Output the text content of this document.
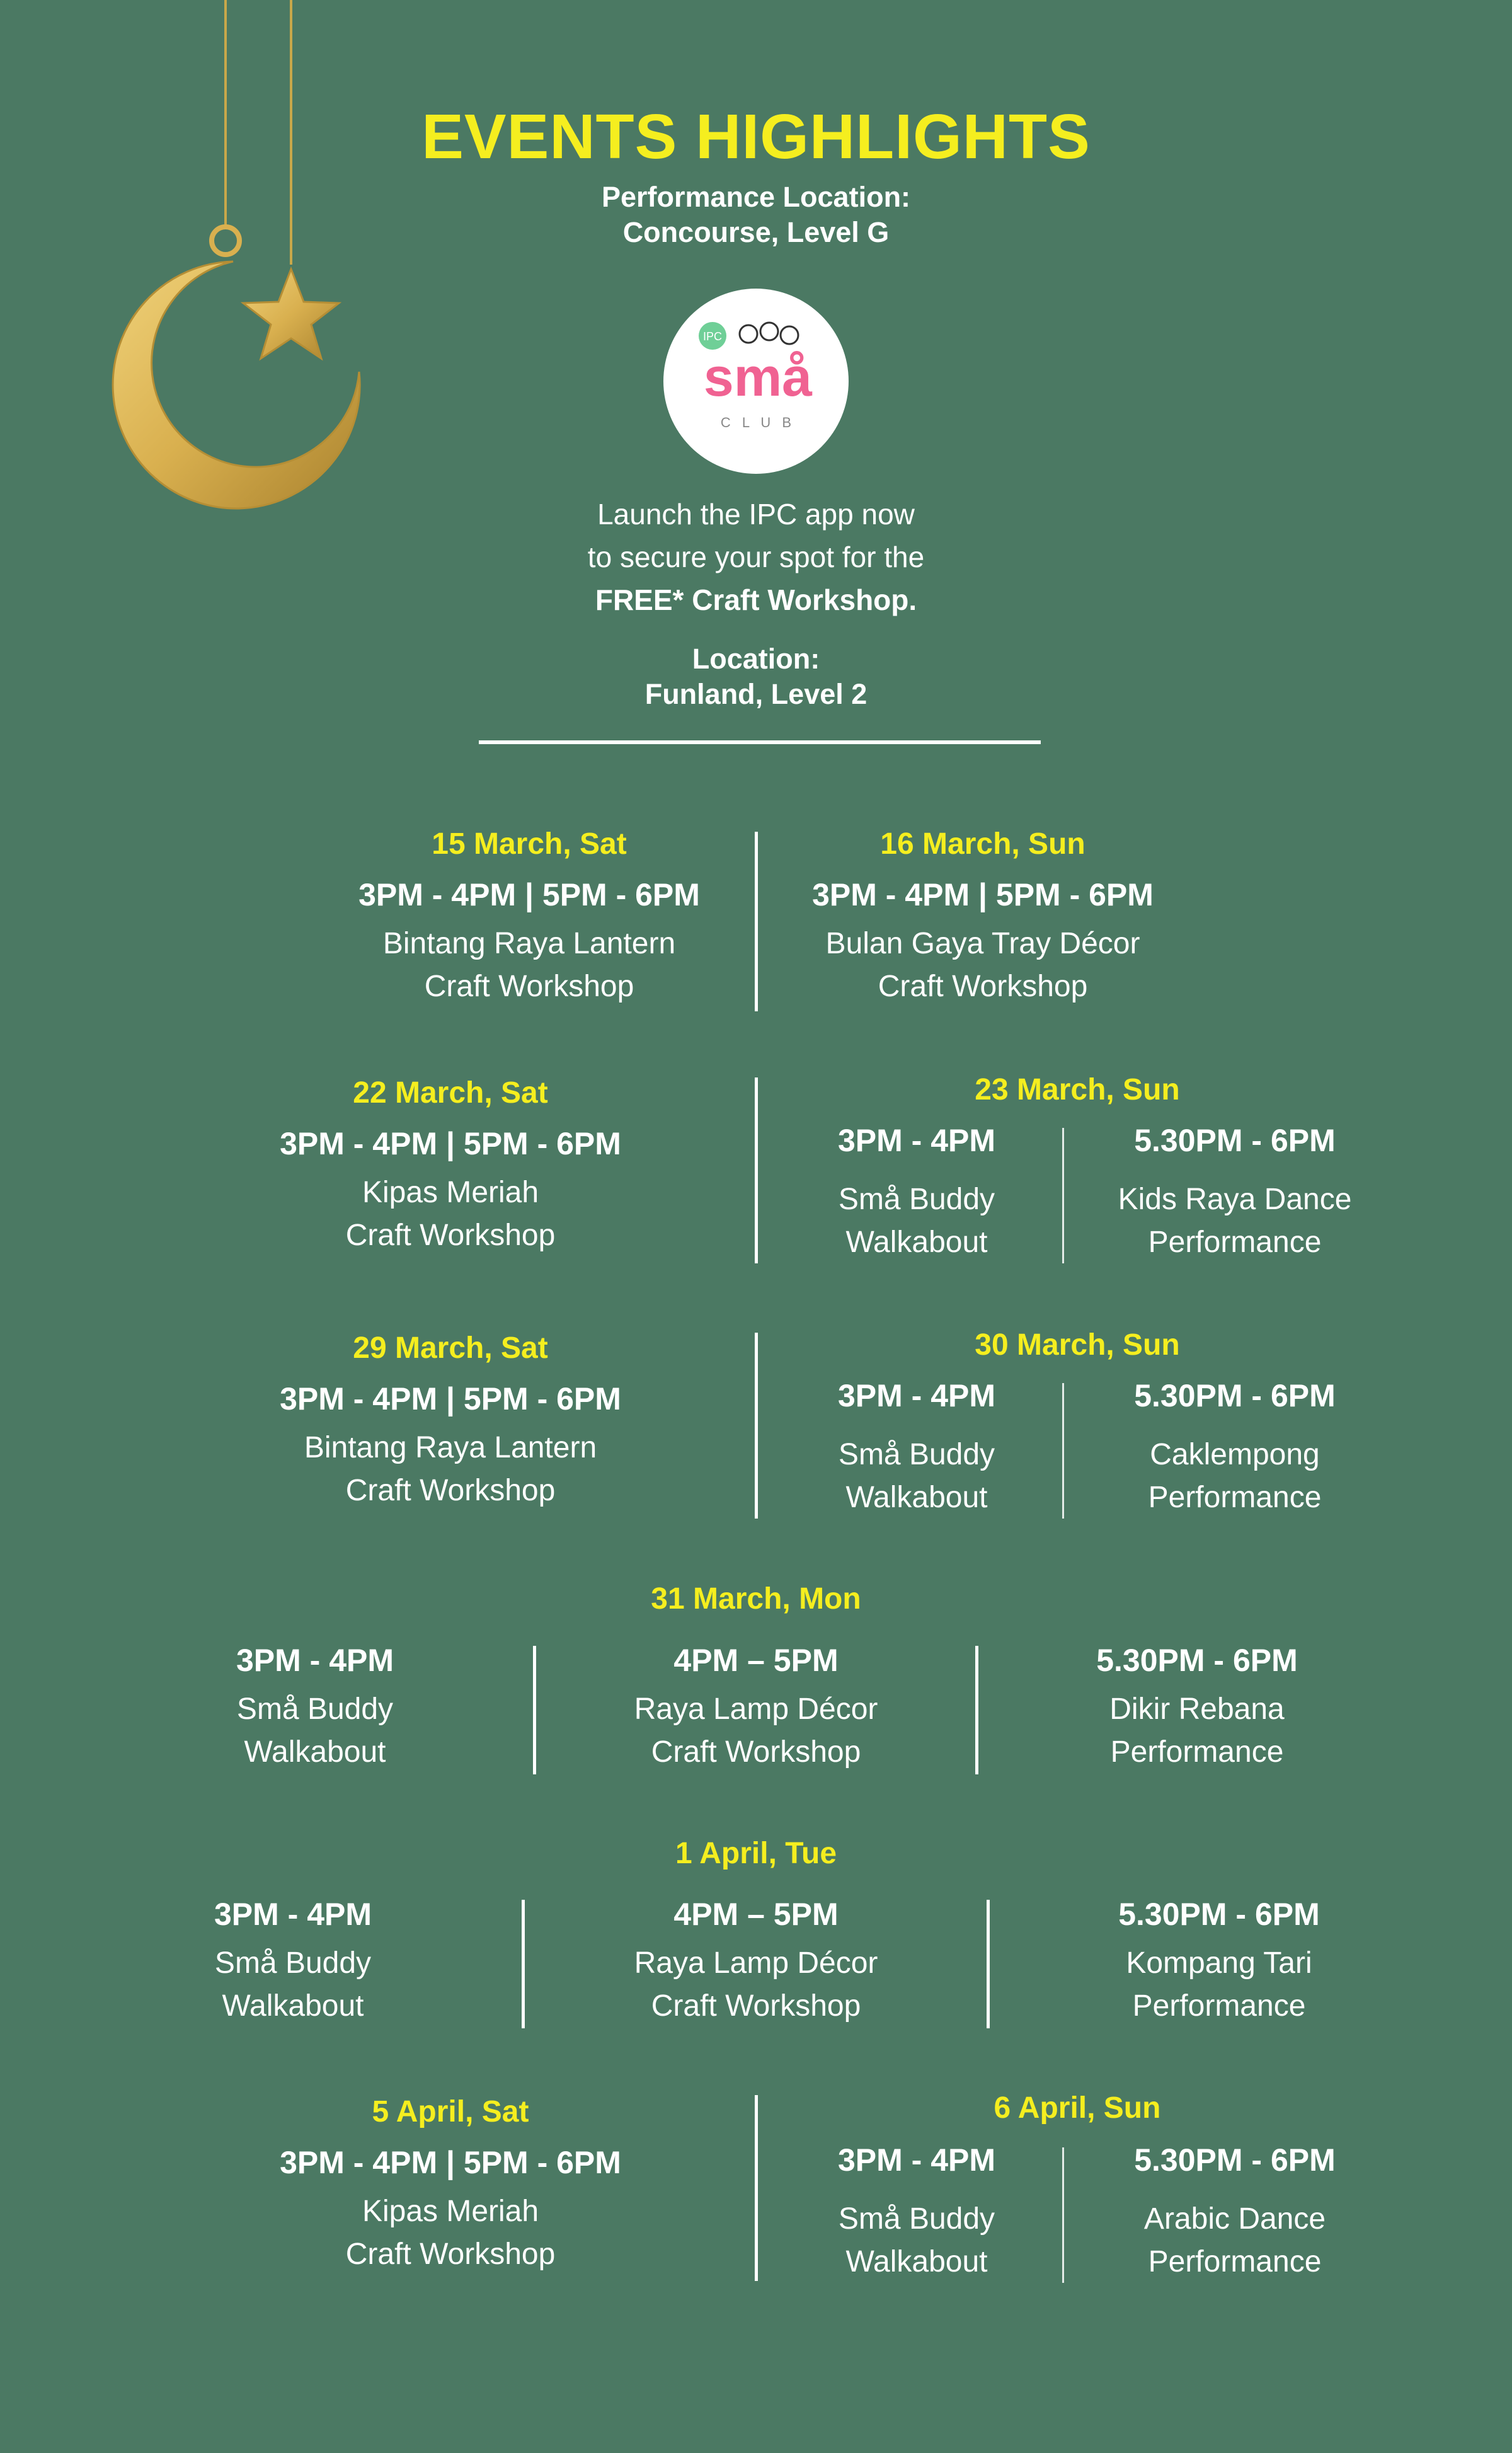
EVENTS HIGHLIGHTS
Performance Location:
Concourse, Level G
IPC
små
C L U B
Launch the IPC app now
to secure your spot for the
FREE* Craft Workshop.
Location:
Funland, Level 2
15 March, Sat
3PM - 4PM | 5PM - 6PM
Bintang Raya Lantern
Craft Workshop
16 March, Sun
3PM - 4PM | 5PM - 6PM
Bulan Gaya Tray Décor
Craft Workshop
22 March, Sat
3PM - 4PM | 5PM - 6PM
Kipas Meriah
Craft Workshop
23 March, Sun
3PM - 4PM
Små Buddy
Walkabout
5.30PM - 6PM
Kids Raya Dance
Performance
29 March, Sat
3PM - 4PM | 5PM - 6PM
Bintang Raya Lantern
Craft Workshop
30 March, Sun
3PM - 4PM
Små Buddy
Walkabout
5.30PM - 6PM
Caklempong
Performance
31 March, Mon
3PM - 4PM
Små Buddy
Walkabout
4PM – 5PM
Raya Lamp Décor
Craft Workshop
5.30PM - 6PM
Dikir Rebana
Performance
1 April, Tue
3PM - 4PM
Små Buddy
Walkabout
4PM – 5PM
Raya Lamp Décor
Craft Workshop
5.30PM - 6PM
Kompang Tari
Performance
5 April, Sat
3PM - 4PM | 5PM - 6PM
Kipas Meriah
Craft Workshop
6 April, Sun
3PM - 4PM
Små Buddy
Walkabout
5.30PM - 6PM
Arabic Dance
Performance
